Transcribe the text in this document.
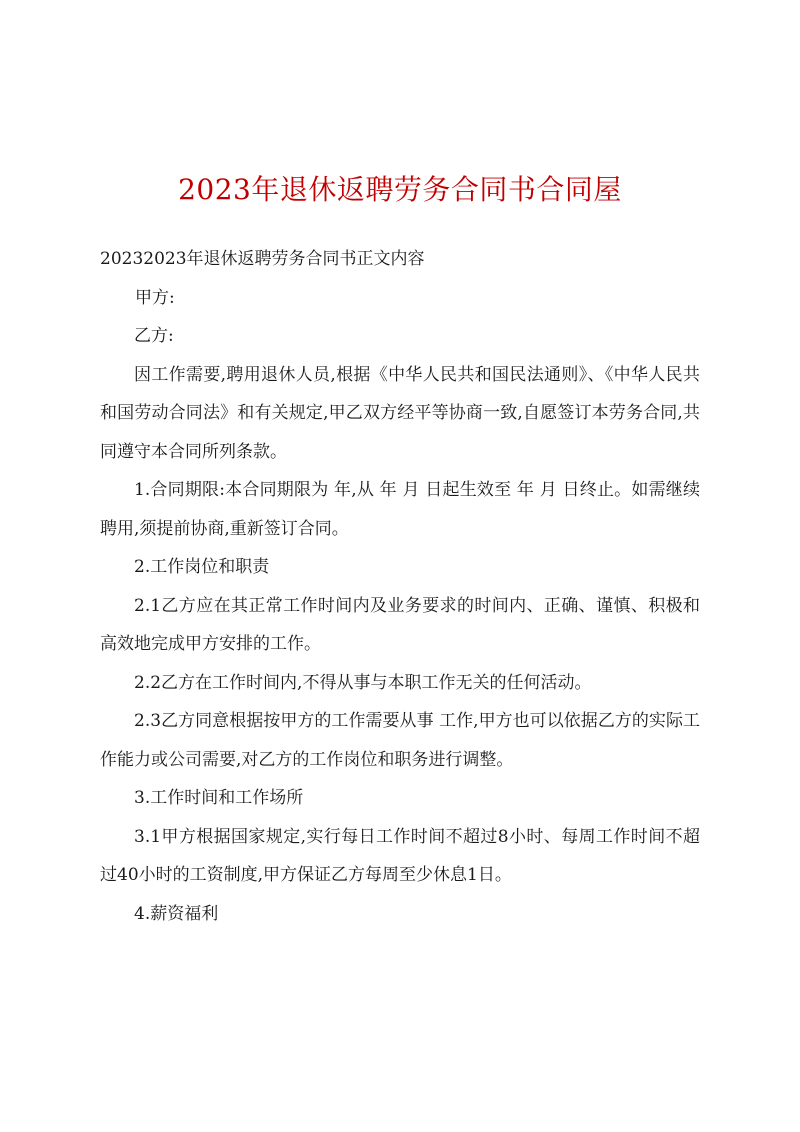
2023年退休返聘劳务合同书合同屋

20232023年退休返聘劳务合同书正文内容

甲方:

乙方:

因工作需要,聘用退休人员,根据《中华人民共和国民法通则》、《中华人民共和国劳动合同法》和有关规定,甲乙双方经平等协商一致,自愿签订本劳务合同,共同遵守本合同所列条款。

1.合同期限:本合同期限为 年,从 年 月 日起生效至 年 月 日终止。如需继续聘用,须提前协商,重新签订合同。

2.工作岗位和职责

2.1乙方应在其正常工作时间内及业务要求的时间内、正确、谨慎、积极和高效地完成甲方安排的工作。

2.2乙方在工作时间内,不得从事与本职工作无关的任何活动。

2.3乙方同意根据按甲方的工作需要从事 工作,甲方也可以依据乙方的实际工作能力或公司需要,对乙方的工作岗位和职务进行调整。

3.工作时间和工作场所

3.1甲方根据国家规定,实行每日工作时间不超过8小时、每周工作时间不超过40小时的工资制度,甲方保证乙方每周至少休息1日。

4.薪资福利
